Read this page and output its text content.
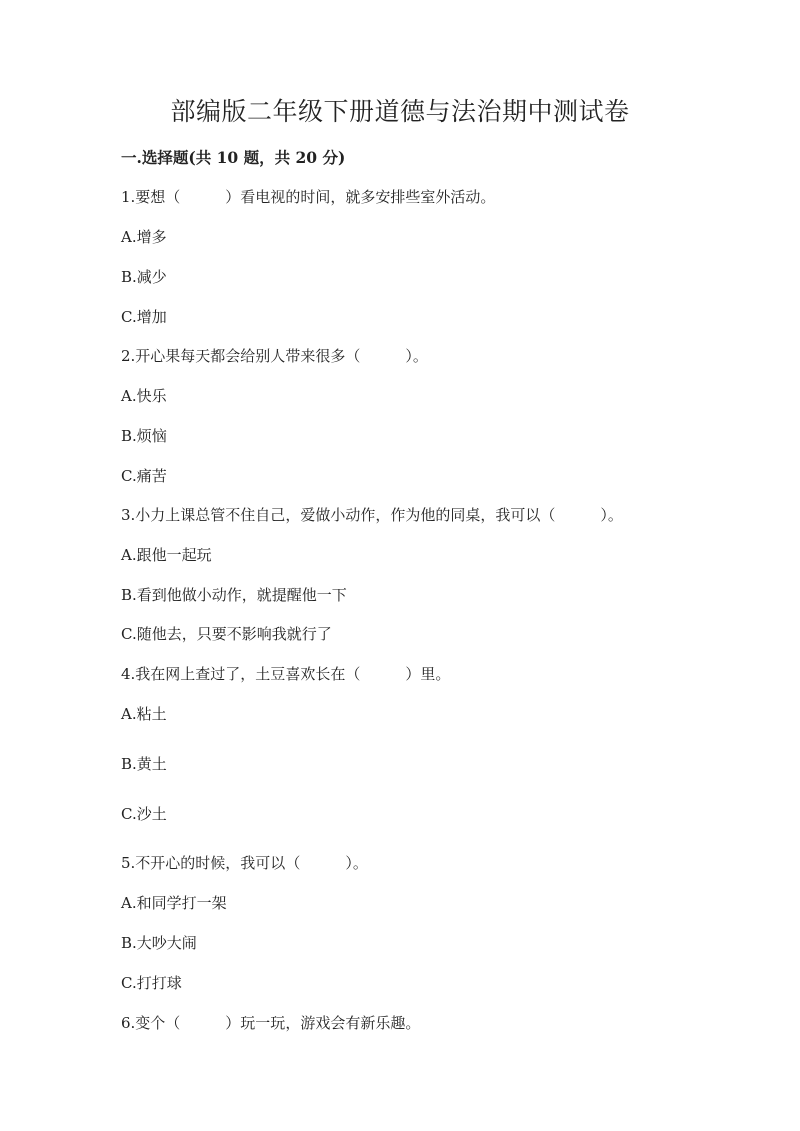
部编版二年级下册道德与法治期中测试卷
一.选择题(共 10 题，共 20 分)

1.要想（　　　）看电视的时间，就多安排些室外活动。

A.增多

B.减少

C.增加

2.开心果每天都会给别人带来很多（　　　）。

A.快乐

B.烦恼

C.痛苦

3.小力上课总管不住自己，爱做小动作，作为他的同桌，我可以（　　　）。

A.跟他一起玩

B.看到他做小动作，就提醒他一下

C.随他去，只要不影响我就行了

4.我在网上查过了，土豆喜欢长在（　　　）里。

A.粘土

B.黄土

C.沙土

5.不开心的时候，我可以（　　　）。

A.和同学打一架

B.大吵大闹

C.打打球

6.变个（　　　）玩一玩，游戏会有新乐趣。
